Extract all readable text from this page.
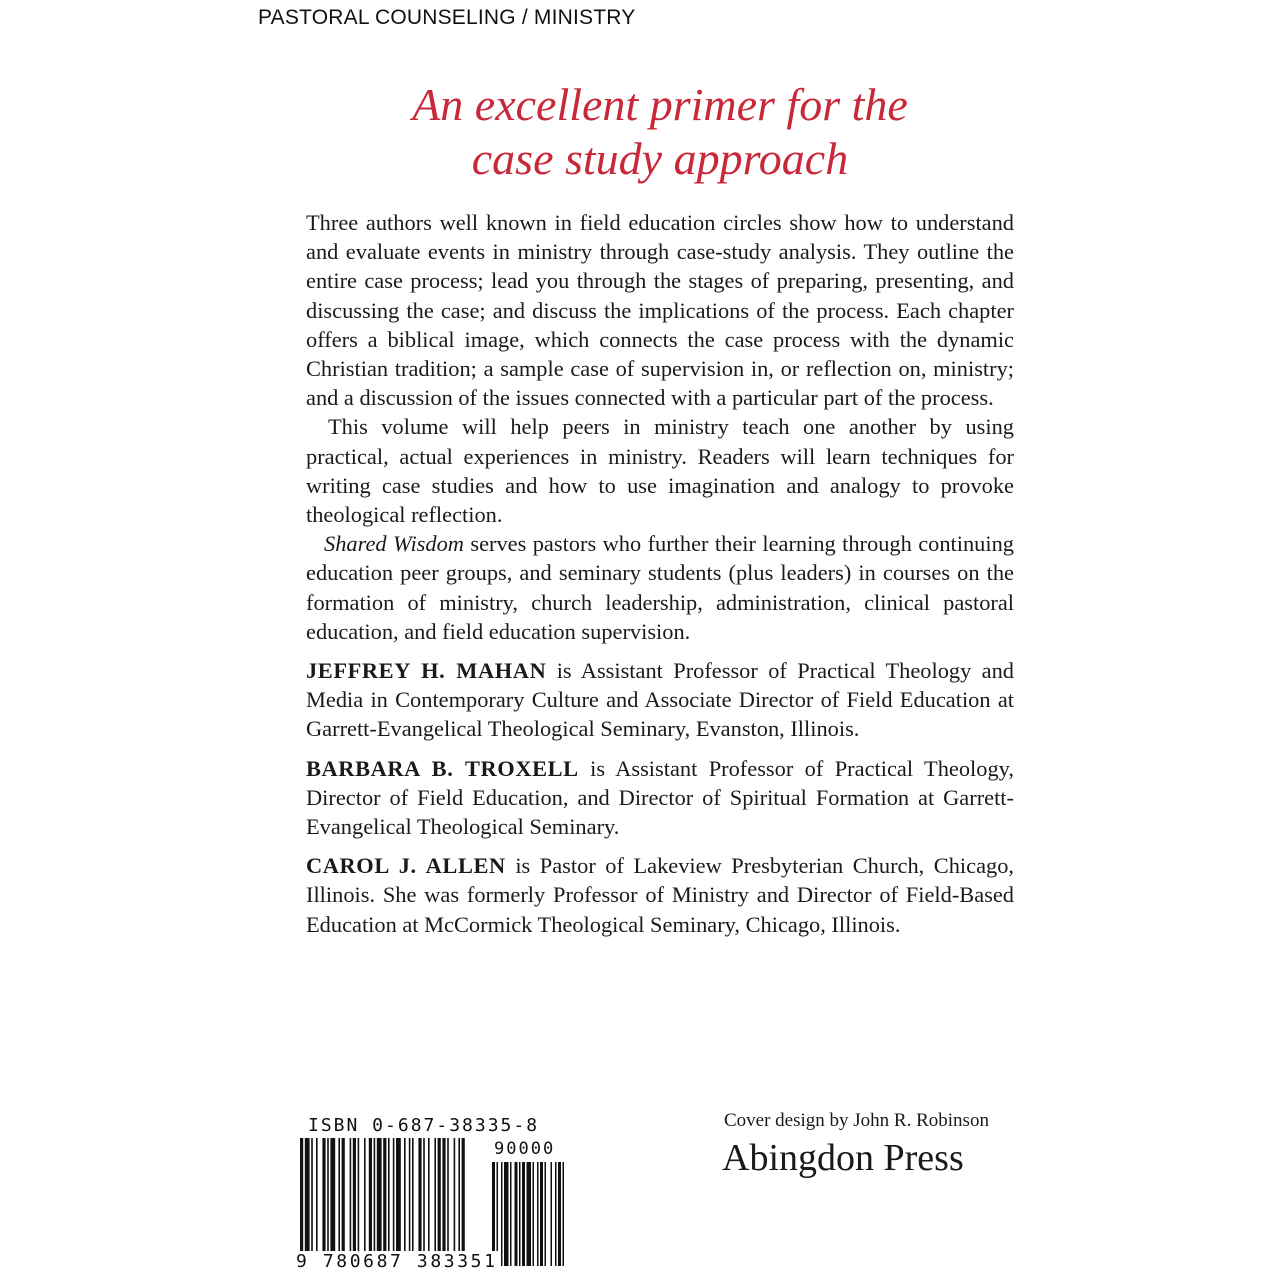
PASTORAL COUNSELING / MINISTRY
An excellent primer for the
case study approach

Three authors well known in field education circles show how to understand and evaluate events in ministry through case-study analysis. They outline the entire case process; lead you through the stages of preparing, presenting, and discussing the case; and discuss the implications of the process. Each chapter offers a biblical image, which connects the case process with the dynamic Christian tradition; a sample case of supervision in, or reflection on, ministry; and a discussion of the issues connected with a particular part of the process.

This volume will help peers in ministry teach one another by using practical, actual experiences in ministry. Readers will learn techniques for writing case studies and how to use imagination and analogy to provoke theological reflection.

Shared Wisdom serves pastors who further their learning through continuing education peer groups, and seminary students (plus leaders) in courses on the formation of ministry, church leadership, administration, clinical pastoral education, and field education supervision.

JEFFREY H. MAHAN is Assistant Professor of Practical Theology and Media in Contemporary Culture and Associate Director of Field Education at Garrett-Evangelical Theological Seminary, Evanston, Illinois.

BARBARA B. TROXELL is Assistant Professor of Practical Theology, Director of Field Education, and Director of Spiritual Formation at Garrett-Evangelical Theological Seminary.

CAROL J. ALLEN is Pastor of Lakeview Presbyterian Church, Chicago, Illinois. She was formerly Professor of Ministry and Director of Field-Based Education at McCormick Theological Seminary, Chicago, Illinois.

ISBN 0-687-38335-8
90000
9 780687 383351
Cover design by John R. Robinson
Abingdon Press
